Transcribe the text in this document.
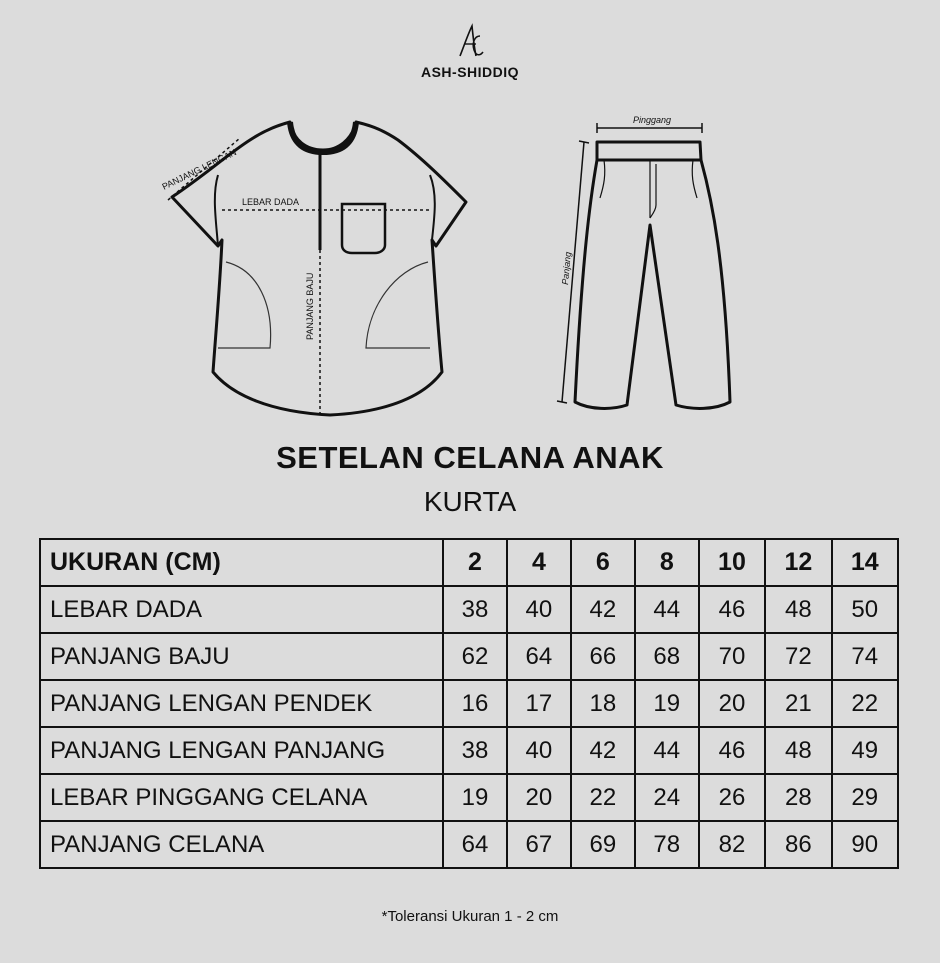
ASH-SHIDDIQ
PANJANG LENGAN
LEBAR DADA
PANJANG BAJU
Pinggang
Panjang
SETELAN CELANA ANAK
KURTA
UKURAN (CM)	2	4	6	8	10	12	14
LEBAR DADA	38	40	42	44	46	48	50
PANJANG BAJU	62	64	66	68	70	72	74
PANJANG LENGAN PENDEK	16	17	18	19	20	21	22
PANJANG LENGAN PANJANG	38	40	42	44	46	48	49
LEBAR PINGGANG CELANA	19	20	22	24	26	28	29
PANJANG CELANA	64	67	69	78	82	86	90
*Toleransi Ukuran 1 - 2 cm
